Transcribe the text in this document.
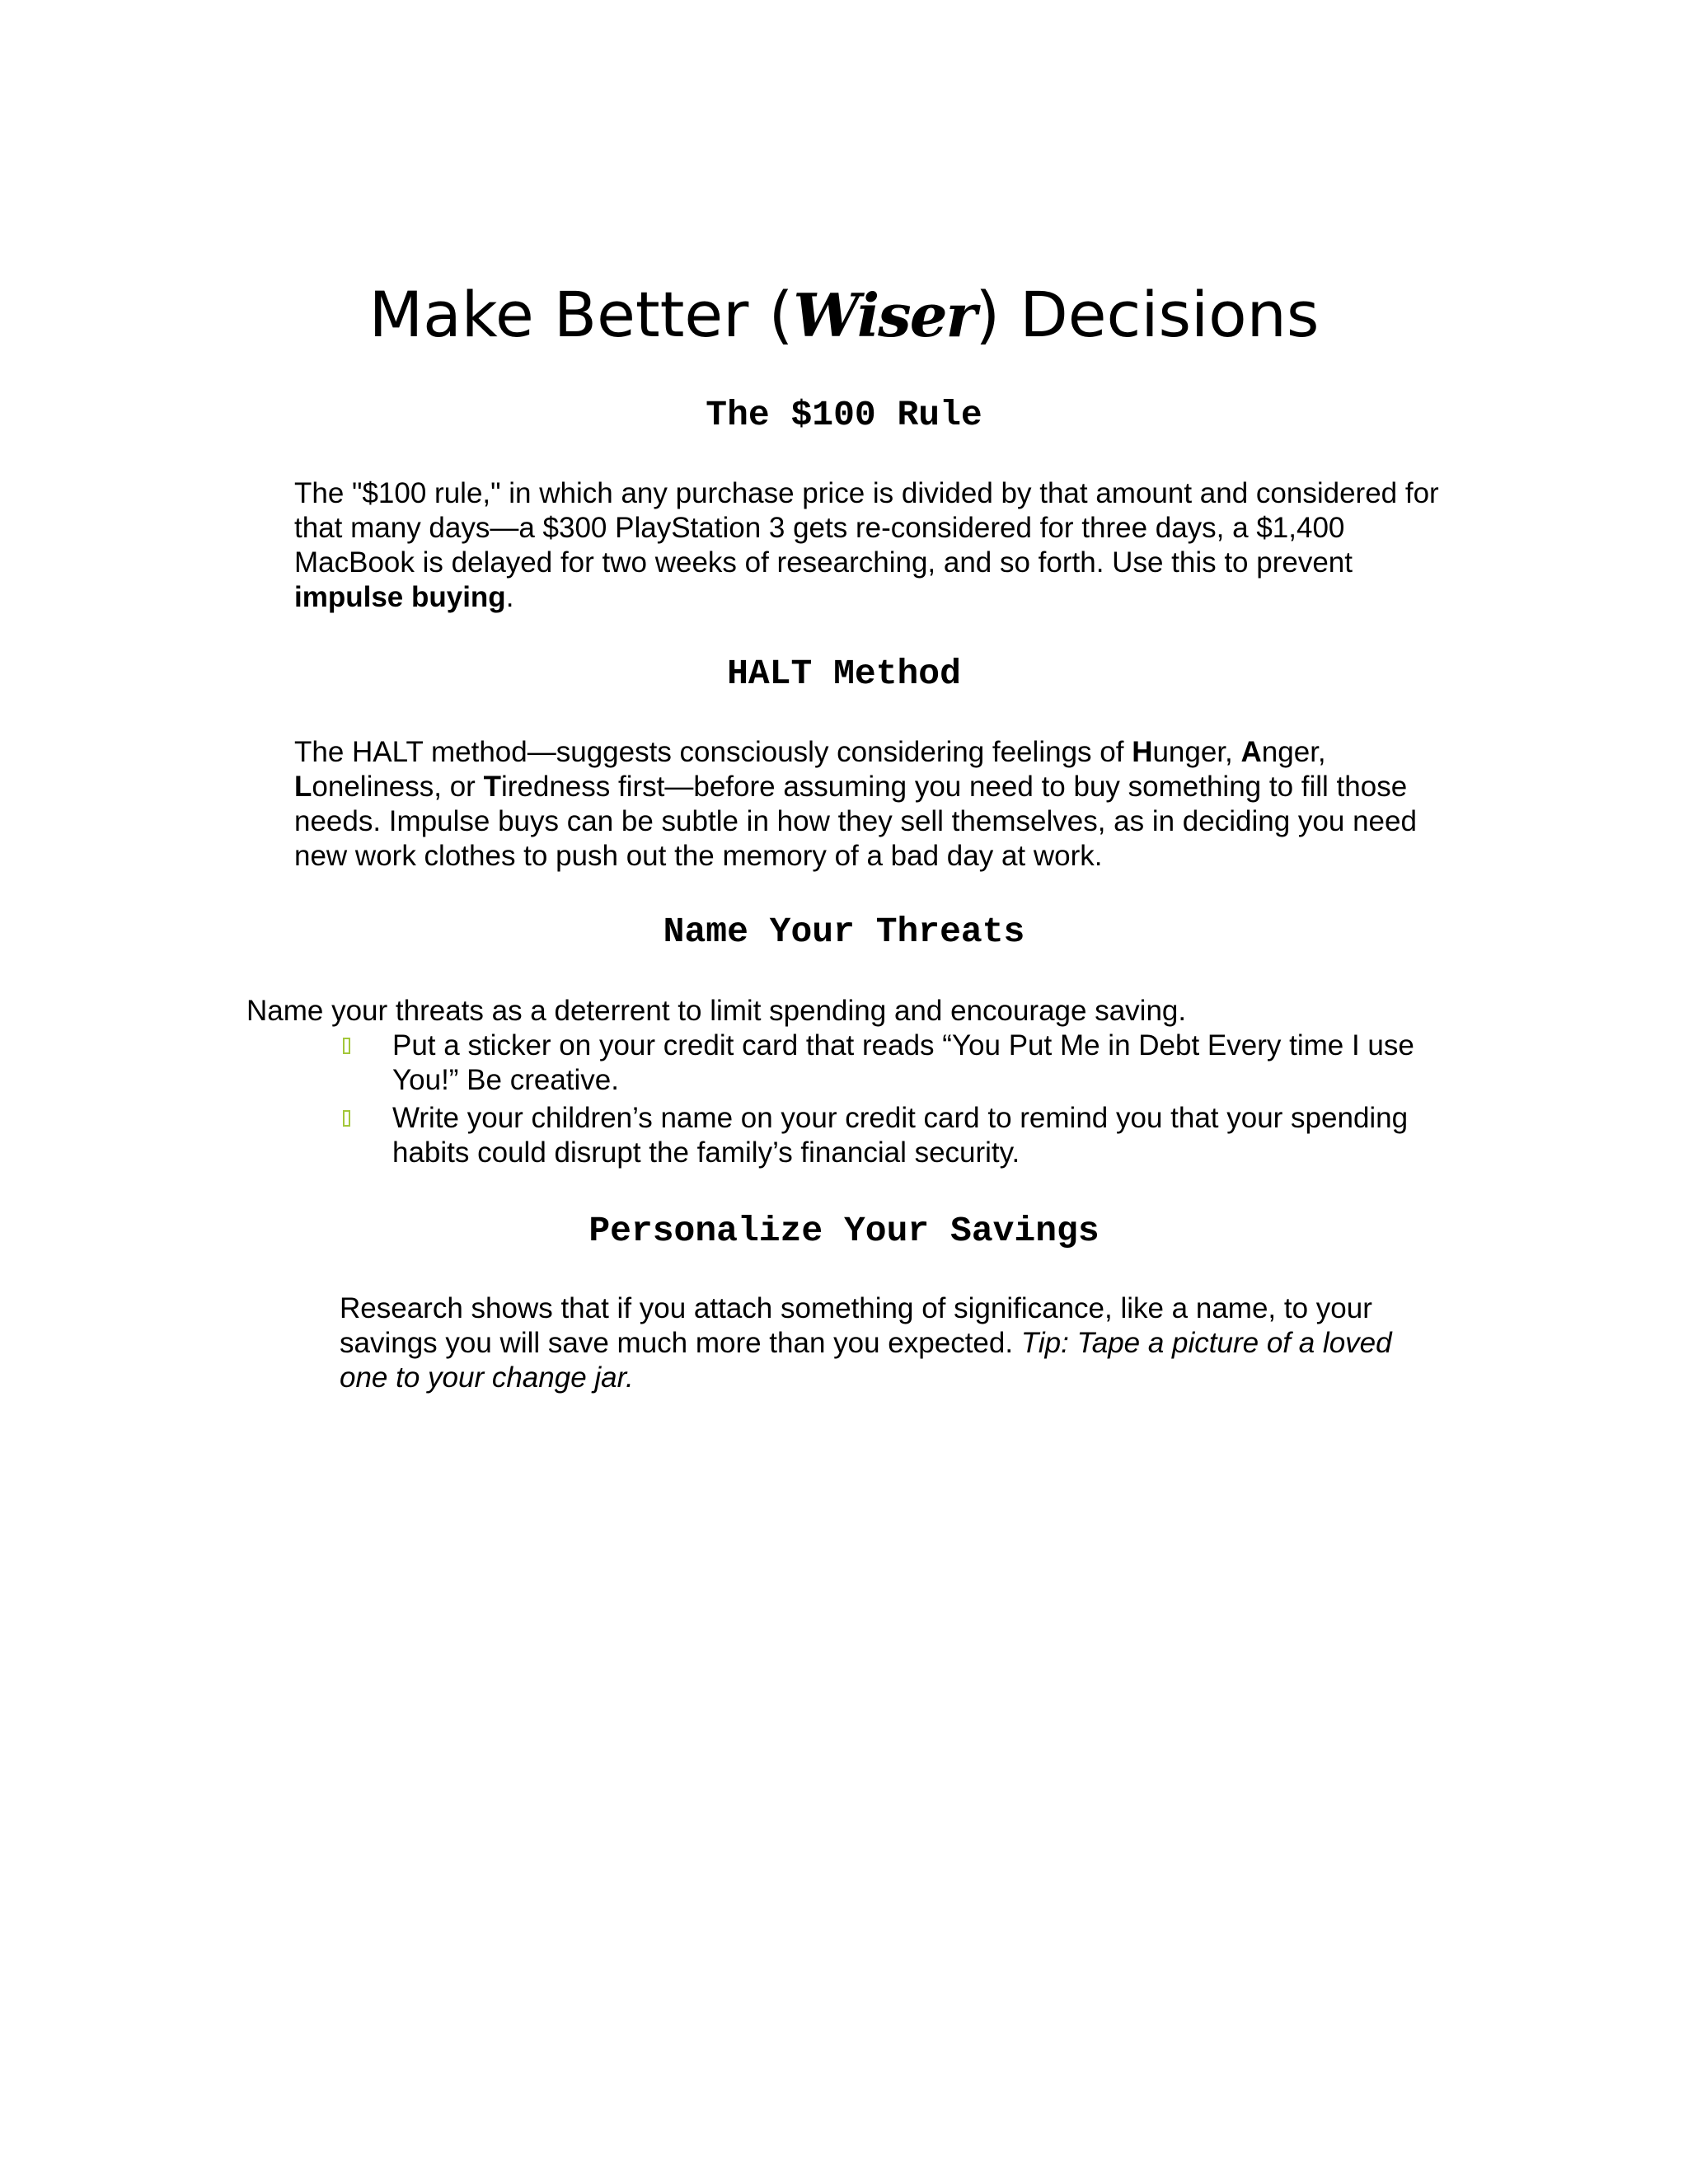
Make Better (Wiser) Decisions
The $100 Rule

The "$100 rule," in which any purchase price is divided by that amount and considered for that many days—a $300 PlayStation 3 gets re-considered for three days, a $1,400 MacBook is delayed for two weeks of researching, and so forth. Use this to prevent impulse buying.

HALT Method

The HALT method—suggests consciously considering feelings of Hunger, Anger, Loneliness, or Tiredness first—before assuming you need to buy something to fill those needs. Impulse buys can be subtle in how they sell themselves, as in deciding you need new work clothes to push out the memory of a bad day at work.

Name Your Threats

Name your threats as a deterrent to limit spending and encourage saving.

Put a sticker on your credit card that reads “You Put Me in Debt Every time I use You!” Be creative.
Write your children’s name on your credit card to remind you that your spending habits could disrupt the family’s financial security.
Personalize Your Savings

Research shows that if you attach something of significance, like a name, to your savings you will save much more than you expected. Tip: Tape a picture of a loved one to your change jar.
